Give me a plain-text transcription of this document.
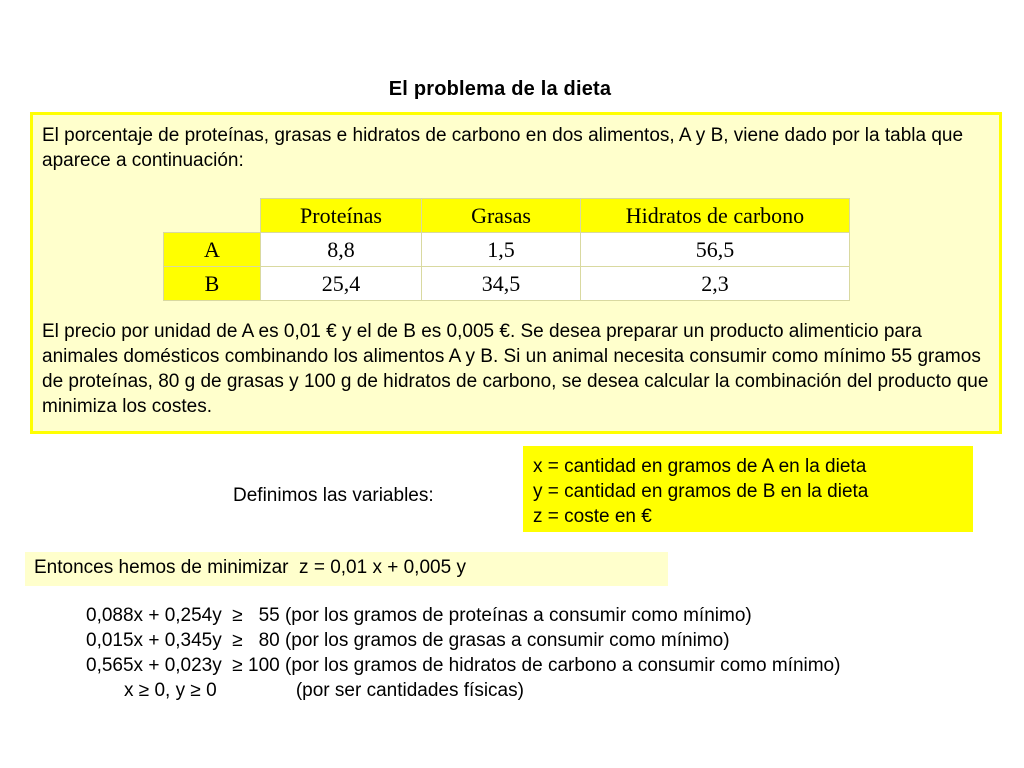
El problema de la dieta

El porcentaje de proteínas, grasas e hidratos de carbono en dos alimentos, A y B, viene dado por la tabla que aparece a continuación:

	Proteínas	Grasas	Hidratos de carbono
A	8,8	1,5	56,5
B	25,4	34,5	2,3

El precio por unidad de A es 0,01 € y el de B es 0,005 €. Se desea preparar un producto alimenticio para animales domésticos combinando los alimentos A y B. Si un animal necesita consumir como mínimo 55 gramos de proteínas, 80 g de grasas y 100 g de hidratos de carbono, se desea calcular la combinación del producto que minimiza los costes.

Definimos las variables:
x = cantidad en gramos de A en la dieta
y = cantidad en gramos de B en la dieta
z = coste en €
Entonces hemos de minimizar  z = 0,01 x + 0,005 y
0,088x + 0,254y  ≥   55 (por los gramos de proteínas a consumir como mínimo)
0,015x + 0,345y  ≥   80 (por los gramos de grasas a consumir como mínimo)
0,565x + 0,023y  ≥ 100 (por los gramos de hidratos de carbono a consumir como mínimo)
x ≥ 0, y ≥ 0               (por ser cantidades físicas)
